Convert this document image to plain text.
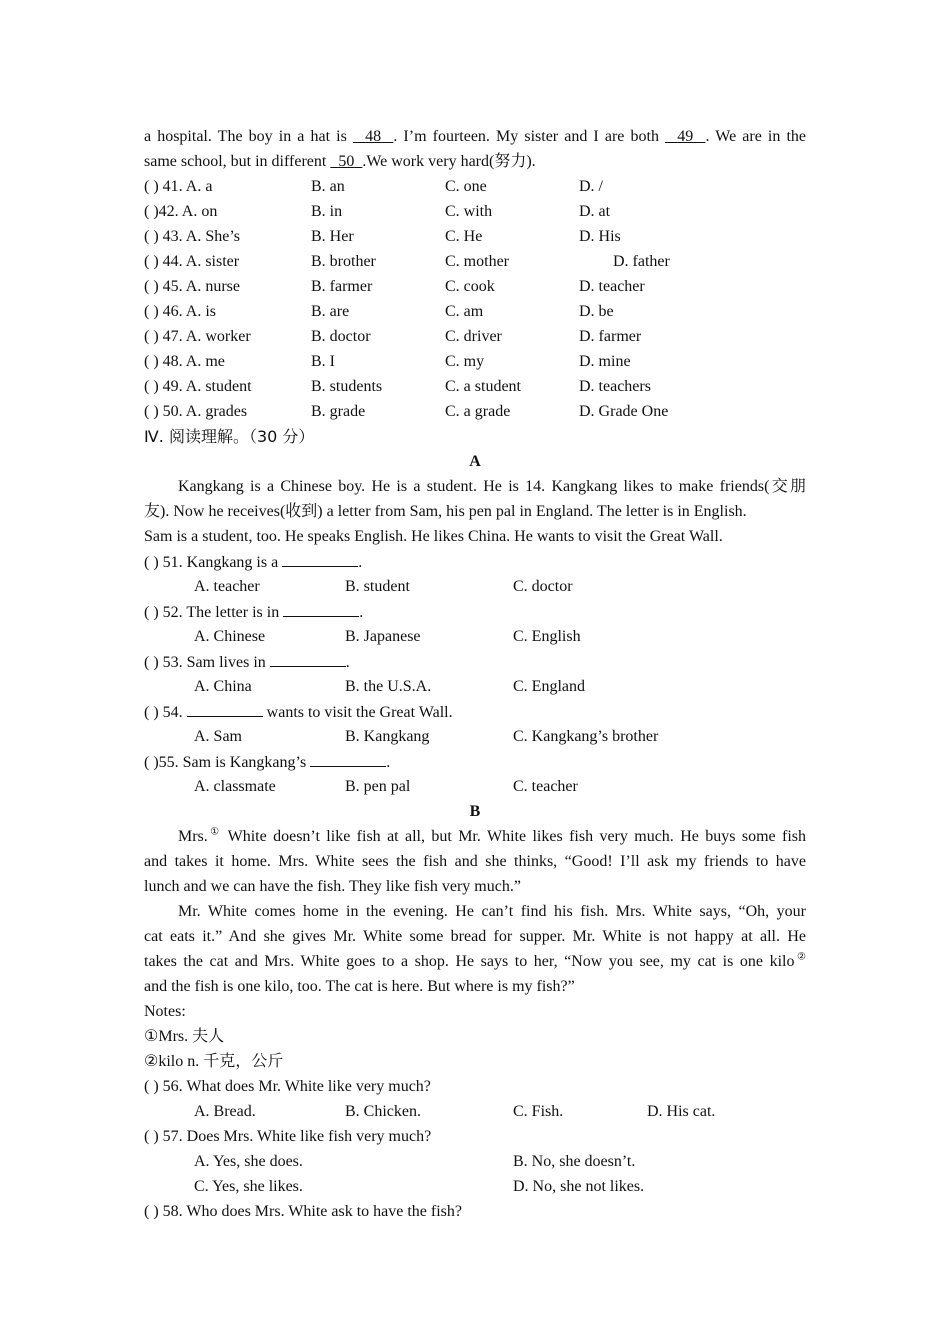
a hospital. The boy in a hat is   48 . I’m fourteen. My sister and I are both   49 . We are in the
same school, but in different   50 .We work very hard(努力).
( ) 41. A. a	B. an	C. one	D. /
( )42. A. on	B. in	C. with	D. at
( ) 43. A. She’s	B. Her	C. He	D. His
( ) 44. A. sister	B. brother	C. mother	D. father
( ) 45. A. nurse	B. farmer	C. cook	D. teacher
( ) 46. A. is	B. are	C. am	D. be
( ) 47. A. worker	B. doctor	C. driver	D. farmer
( ) 48. A. me	B. I	C. my	D. mine
( ) 49. A. student	B. students	C. a student	D. teachers
( ) 50. A. grades	B. grade	C. a grade	D. Grade One
Ⅳ. 阅读理解。（30 分）
A
Kangkang is a Chinese boy. He is a student. He is 14. Kangkang likes to make friends(交朋
友). Now he receives(收到) a letter from Sam, his pen pal in England. The letter is in English.
Sam is a student, too. He speaks English. He likes China. He wants to visit the Great Wall.
( ) 51. Kangkang is a	.
A. teacher	B. student	C. doctor
( ) 52. The letter is in	.
A. Chinese	B. Japanese	C. English
( ) 53. Sam lives in	.
A. China	B. the U.S.A.	C. England
( ) 54.	wants to visit the Great Wall.
A. Sam	B. Kangkang	C. Kangkang’s brother
( )55. Sam is Kangkang’s	.
A. classmate	B. pen pal	C. teacher
B
Mrs.① White doesn’t like fish at all, but Mr. White likes fish very much. He buys some fish
and takes it home. Mrs. White sees the fish and she thinks, “Good! I’ll ask my friends to have
lunch and we can have the fish. They like fish very much.”
Mr. White comes home in the evening. He can’t find his fish. Mrs. White says, “Oh, your
cat eats it.” And she gives Mr. White some bread for supper. Mr. White is not happy at all. He
takes the cat and Mrs. White goes to a shop. He says to her, “Now you see, my cat is one kilo②
and the fish is one kilo, too. The cat is here. But where is my fish?”
Notes:
①Mrs. 夫人
②kilo n. 千克，公斤
( ) 56. What does Mr. White like very much?
A. Bread.	B. Chicken.	C. Fish.	D. His cat.
( ) 57. Does Mrs. White like fish very much?
A. Yes, she does.	B. No, she doesn’t.
C. Yes, she likes.	D. No, she not likes.
( ) 58. Who does Mrs. White ask to have the fish?
